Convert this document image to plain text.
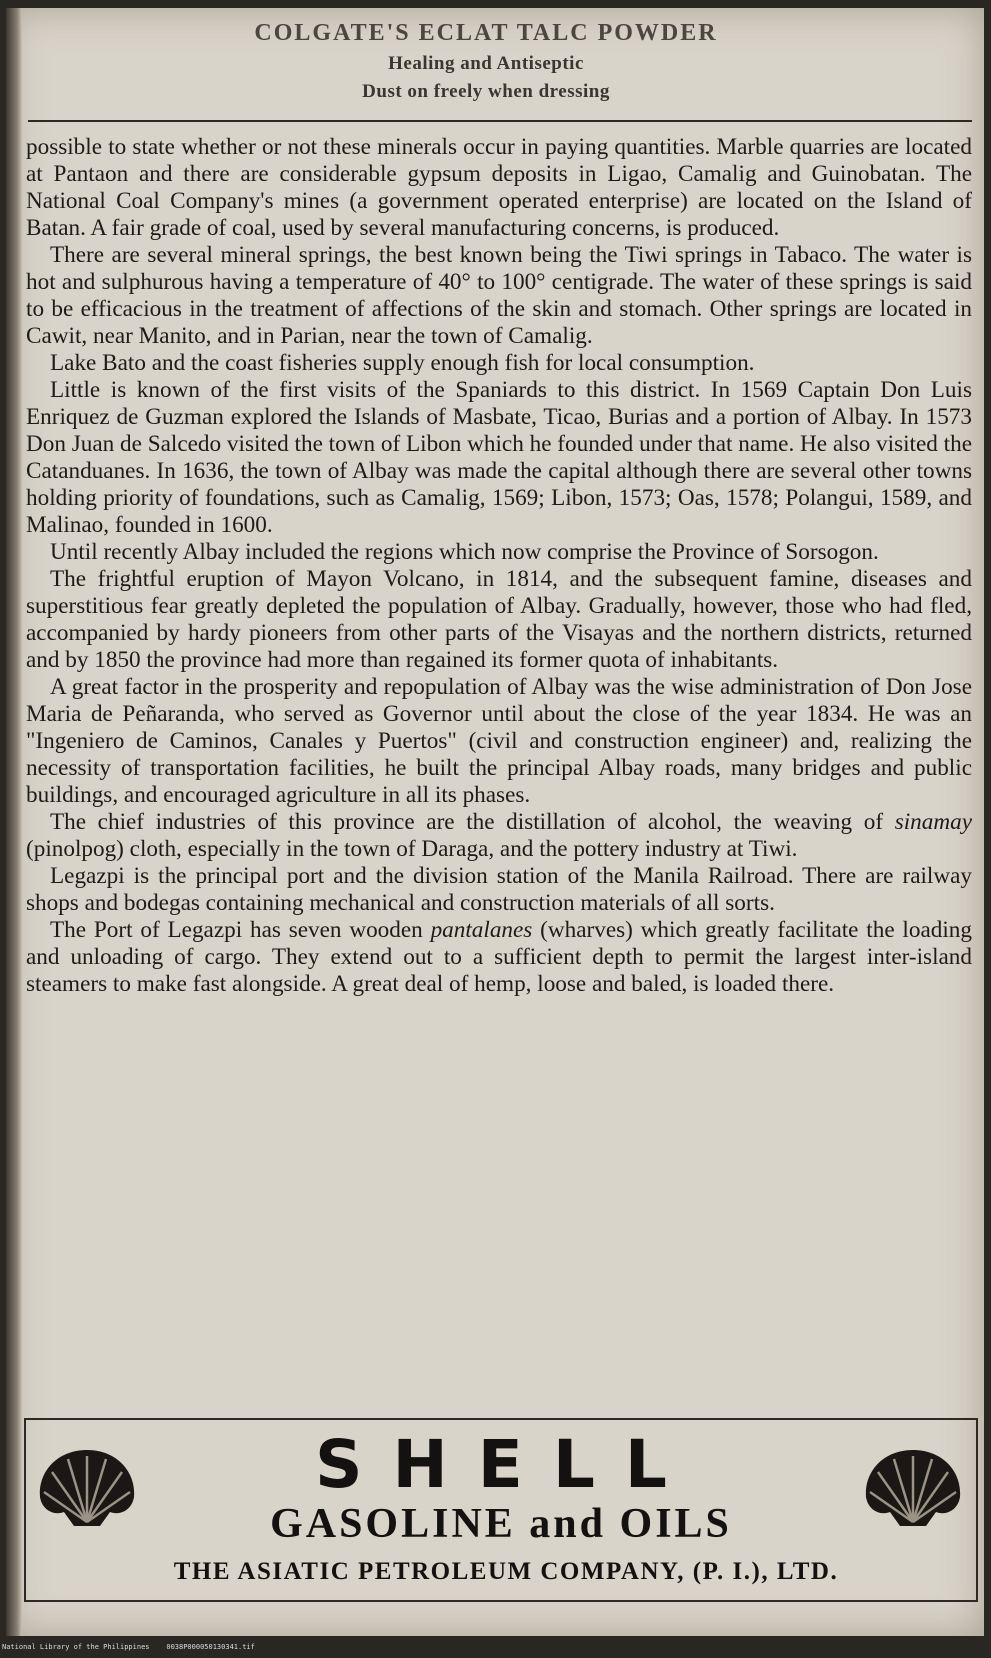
COLGATE'S ECLAT TALC POWDER
Healing and Antiseptic
Dust on freely when dressing

possible to state whether or not these minerals occur in paying quantities. Marble quarries are located at Pantaon and there are considerable gypsum deposits in Ligao, Camalig and Guinobatan. The National Coal Company's mines (a government operated enterprise) are located on the Island of Batan. A fair grade of coal, used by several manufacturing concerns, is produced.

There are several mineral springs, the best known being the Tiwi springs in Tabaco. The water is hot and sulphurous having a temperature of 40° to 100° centigrade. The water of these springs is said to be efficacious in the treatment of affections of the skin and stomach. Other springs are located in Cawit, near Manito, and in Parian, near the town of Camalig.

Lake Bato and the coast fisheries supply enough fish for local consumption.

Little is known of the first visits of the Spaniards to this district. In 1569 Captain Don Luis Enriquez de Guzman explored the Islands of Masbate, Ticao, Burias and a portion of Albay. In 1573 Don Juan de Salcedo visited the town of Libon which he founded under that name. He also visited the Catanduanes. In 1636, the town of Albay was made the capital although there are several other towns holding priority of foundations, such as Camalig, 1569; Libon, 1573; Oas, 1578; Polangui, 1589, and Malinao, founded in 1600.

Until recently Albay included the regions which now comprise the Province of Sorsogon.

The frightful eruption of Mayon Volcano, in 1814, and the subsequent famine, diseases and superstitious fear greatly depleted the population of Albay. Gradually, however, those who had fled, accompanied by hardy pioneers from other parts of the Visayas and the northern districts, returned and by 1850 the province had more than regained its former quota of inhabitants.

A great factor in the prosperity and repopulation of Albay was the wise administration of Don Jose Maria de Peñaranda, who served as Governor until about the close of the year 1834. He was an "Ingeniero de Caminos, Canales y Puertos" (civil and construction engineer) and, realizing the necessity of transportation facilities, he built the principal Albay roads, many bridges and public buildings, and encouraged agriculture in all its phases.

The chief industries of this province are the distillation of alcohol, the weaving of sinamay (pinolpog) cloth, especially in the town of Daraga, and the pottery industry at Tiwi.

Legazpi is the principal port and the division station of the Manila Railroad. There are railway shops and bodegas containing mechanical and construction materials of all sorts.

The Port of Legazpi has seven wooden pantalanes (wharves) which greatly facilitate the loading and unloading of cargo. They extend out to a sufficient depth to permit the largest inter-island steamers to make fast alongside. A great deal of hemp, loose and baled, is loaded there.

SHELL
GASOLINE and OILS
THE ASIATIC PETROLEUM COMPANY, (P. I.), LTD.
National Library of the Philippines    0038P000050130341.tif
